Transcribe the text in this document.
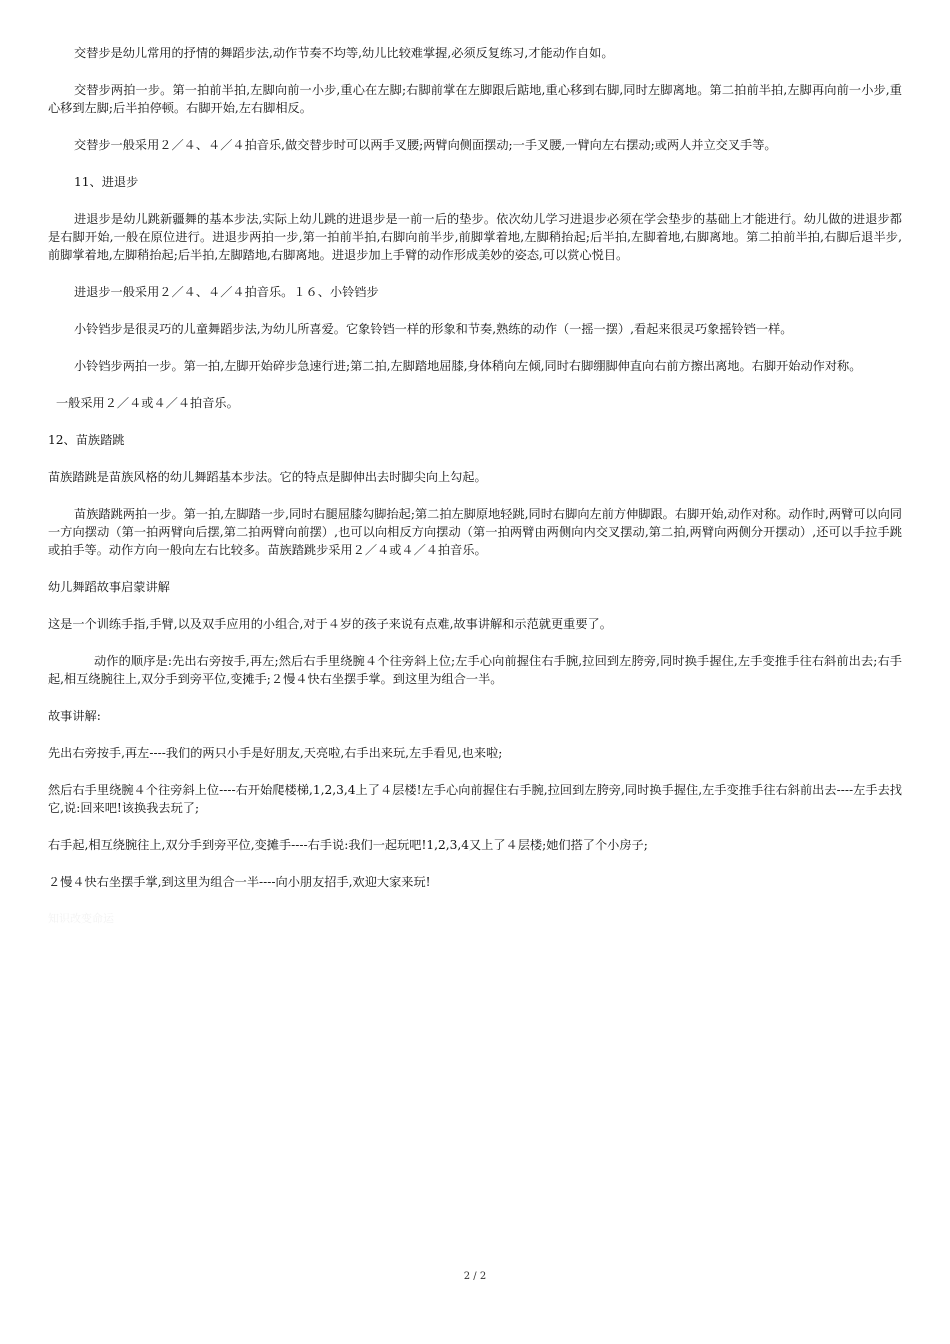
交替步是幼儿常用的抒情的舞蹈步法,动作节奏不均等,幼儿比较难掌握,必须反复练习,才能动作自如。

交替步两拍一步。第一拍前半拍,左脚向前一小步,重心在左脚;右脚前掌在左脚跟后踮地,重心移到右脚,同时左脚离地。第二拍前半拍,左脚再向前一小步,重心移到左脚;后半拍停顿。右脚开始,左右脚相反。

交替步一般采用２／４、４／４拍音乐,做交替步时可以两手叉腰;两臂向侧面摆动;一手叉腰,一臂向左右摆动;或两人并立交叉手等。

11、进退步

进退步是幼儿跳新疆舞的基本步法,实际上幼儿跳的进退步是一前一后的垫步。依次幼儿学习进退步必须在学会垫步的基础上才能进行。幼儿做的进退步都是右脚开始,一般在原位进行。进退步两拍一步,第一拍前半拍,右脚向前半步,前脚掌着地,左脚稍抬起;后半拍,左脚着地,右脚离地。第二拍前半拍,右脚后退半步,前脚掌着地,左脚稍抬起;后半拍,左脚踏地,右脚离地。进退步加上手臂的动作形成美妙的姿态,可以赏心悦目。

进退步一般采用２／４、４／４拍音乐。１６、小铃铛步

小铃铛步是很灵巧的儿童舞蹈步法,为幼儿所喜爱。它象铃铛一样的形象和节奏,熟练的动作（一摇一摆）,看起来很灵巧象摇铃铛一样。

小铃铛步两拍一步。第一拍,左脚开始碎步急速行进;第二拍,左脚踏地屈膝,身体稍向左倾,同时右脚绷脚伸直向右前方擦出离地。右脚开始动作对称。

一般采用２／４或４／４拍音乐。

12、苗族踏跳

苗族踏跳是苗族风格的幼儿舞蹈基本步法。它的特点是脚伸出去时脚尖向上勾起。

苗族踏跳两拍一步。第一拍,左脚踏一步,同时右腿屈膝勾脚抬起;第二拍左脚原地轻跳,同时右脚向左前方伸脚跟。右脚开始,动作对称。动作时,两臂可以向同一方向摆动（第一拍两臂向后摆,第二拍两臂向前摆）,也可以向相反方向摆动（第一拍两臂由两侧向内交叉摆动,第二拍,两臂向两侧分开摆动）,还可以手拉手跳或拍手等。动作方向一般向左右比较多。苗族踏跳步采用２／４或４／４拍音乐。

幼儿舞蹈故事启蒙讲解

这是一个训练手指,手臂,以及双手应用的小组合,对于４岁的孩子来说有点难,故事讲解和示范就更重要了。

动作的顺序是:先出右旁按手,再左;然后右手里绕腕４个往旁斜上位;左手心向前握住右手腕,拉回到左胯旁,同时换手握住,左手变推手往右斜前出去;右手起,相互绕腕往上,双分手到旁平位,变摊手;２慢４快右坐摆手掌。到这里为组合一半。

故事讲解:

先出右旁按手,再左----我们的两只小手是好朋友,天亮啦,右手出来玩,左手看见,也来啦;

然后右手里绕腕４个往旁斜上位----右开始爬楼梯,1,2,3,4上了４层楼!左手心向前握住右手腕,拉回到左胯旁,同时换手握住,左手变推手往右斜前出去----左手去找它,说:回来吧!该换我去玩了;

右手起,相互绕腕往上,双分手到旁平位,变摊手----右手说:我们一起玩吧!1,2,3,4又上了４层楼;她们搭了个小房子;

２慢４快右坐摆手掌,到这里为组合一半----向小朋友招手,欢迎大家来玩!

知识改变命运

2 / 2
